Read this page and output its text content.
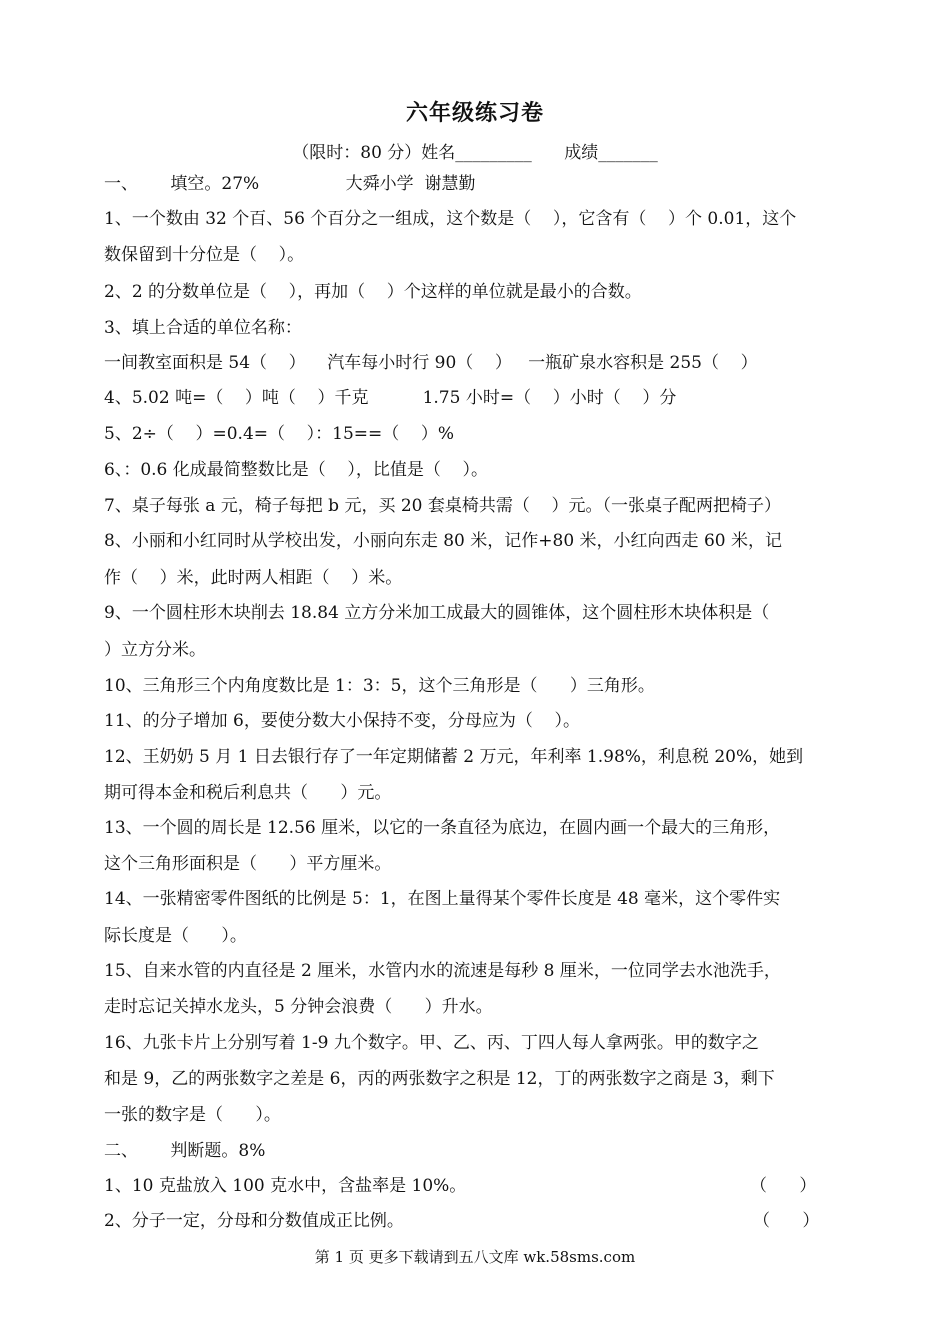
六年级练习卷
（限时：80 分）姓名_________      成绩_______
一、      填空。27%                大舜小学  谢慧勤
1、一个数由 32 个百、56 个百分之一组成，这个数是（    ），它含有（    ）个 0.01，这个
数保留到十分位是（    ）。
2、2 的分数单位是（    ），再加（    ）个这样的单位就是最小的合数。
3、填上合适的单位名称：
一间教室面积是 54（    ）    汽车每小时行 90（    ）   一瓶矿泉水容积是 255（    ）
4、5.02 吨=（    ）吨（    ）千克          1.75 小时=（    ）小时（    ）分
5、2÷（    ）=0.4=（    ）：15==（    ）%
6、：0.6 化成最简整数比是（    ），比值是（    ）。
7、桌子每张 a 元，椅子每把 b 元，买 20 套桌椅共需（    ）元。（一张桌子配两把椅子）
8、小丽和小红同时从学校出发，小丽向东走 80 米，记作+80 米，小红向西走 60 米，记
作（    ）米，此时两人相距（    ）米。
9、一个圆柱形木块削去 18.84 立方分米加工成最大的圆锥体，这个圆柱形木块体积是（
）立方分米。
10、三角形三个内角度数比是 1：3：5，这个三角形是（      ）三角形。
11、的分子增加 6，要使分数大小保持不变，分母应为（    ）。
12、王奶奶 5 月 1 日去银行存了一年定期储蓄 2 万元，年利率 1.98%，利息税 20%，她到
期可得本金和税后利息共（      ）元。
13、一个圆的周长是 12.56 厘米，以它的一条直径为底边，在圆内画一个最大的三角形，
这个三角形面积是（      ）平方厘米。
14、一张精密零件图纸的比例是 5：1，在图上量得某个零件长度是 48 毫米，这个零件实
际长度是（      ）。
15、自来水管的内直径是 2 厘米，水管内水的流速是每秒 8 厘米，一位同学去水池洗手，
走时忘记关掉水龙头，5 分钟会浪费（      ）升水。
16、九张卡片上分别写着 1-9 九个数字。甲、乙、丙、丁四人每人拿两张。甲的数字之
和是 9，乙的两张数字之差是 6，丙的两张数字之积是 12，丁的两张数字之商是 3，剩下
一张的数字是（      ）。
二、      判断题。8%
1、10 克盐放入 100 克水中，含盐率是 10%。	（      ）
2、分子一定，分母和分数值成正比例。	（      ）
第 1 页 更多下载请到五八文库 wk.58sms.com
